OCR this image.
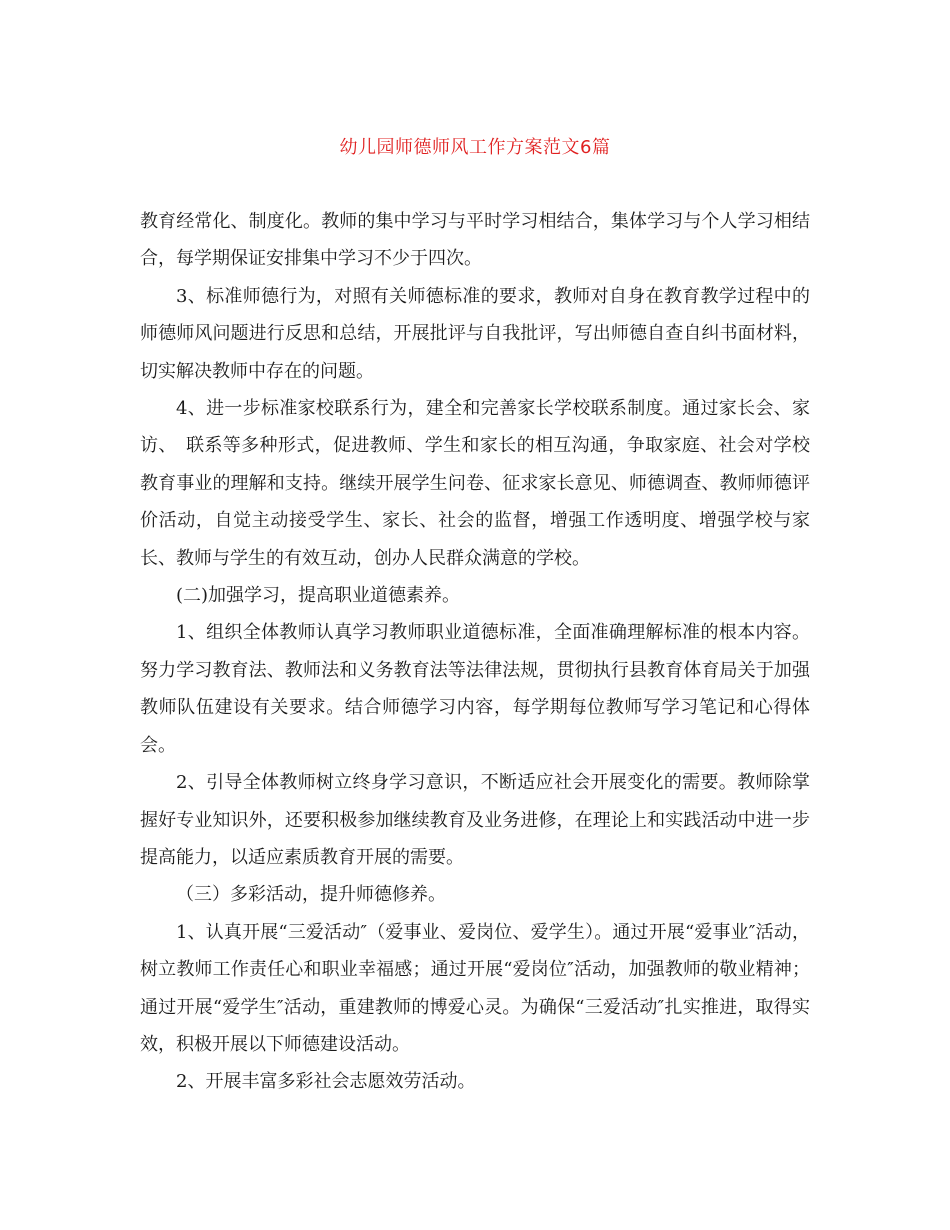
幼儿园师德师风工作方案范文6篇

教育经常化、制度化。教师的集中学习与平时学习相结合，集体学习与个人学习相结合，每学期保证安排集中学习不少于四次。

3、标准师德行为，对照有关师德标准的要求，教师对自身在教育教学过程中的师德师风问题进行反思和总结，开展批评与自我批评，写出师德自查自纠书面材料，切实解决教师中存在的问题。

4、进一步标准家校联系行为，建全和完善家长学校联系制度。通过家长会、家访、　联系等多种形式，促进教师、学生和家长的相互沟通，争取家庭、社会对学校教育事业的理解和支持。继续开展学生问卷、征求家长意见、师德调查、教师师德评价活动，自觉主动接受学生、家长、社会的监督，增强工作透明度、增强学校与家长、教师与学生的有效互动，创办人民群众满意的学校。

(二)加强学习，提高职业道德素养。

1、组织全体教师认真学习教师职业道德标准，全面准确理解标准的根本内容。努力学习教育法、教师法和义务教育法等法律法规，贯彻执行县教育体育局关于加强教师队伍建设有关要求。结合师德学习内容，每学期每位教师写学习笔记和心得体会。

2、引导全体教师树立终身学习意识，不断适应社会开展变化的需要。教师除掌握好专业知识外，还要积极参加继续教育及业务进修，在理论上和实践活动中进一步提高能力，以适应素质教育开展的需要。

（三）多彩活动，提升师德修养。

1、认真开展“三爱活动″（爱事业、爱岗位、爱学生）。通过开展“爱事业″活动，树立教师工作责任心和职业幸福感；通过开展“爱岗位″活动，加强教师的敬业精神；通过开展“爱学生″活动，重建教师的博爱心灵。为确保“三爱活动″扎实推进，取得实效，积极开展以下师德建设活动。

2、开展丰富多彩社会志愿效劳活动。
